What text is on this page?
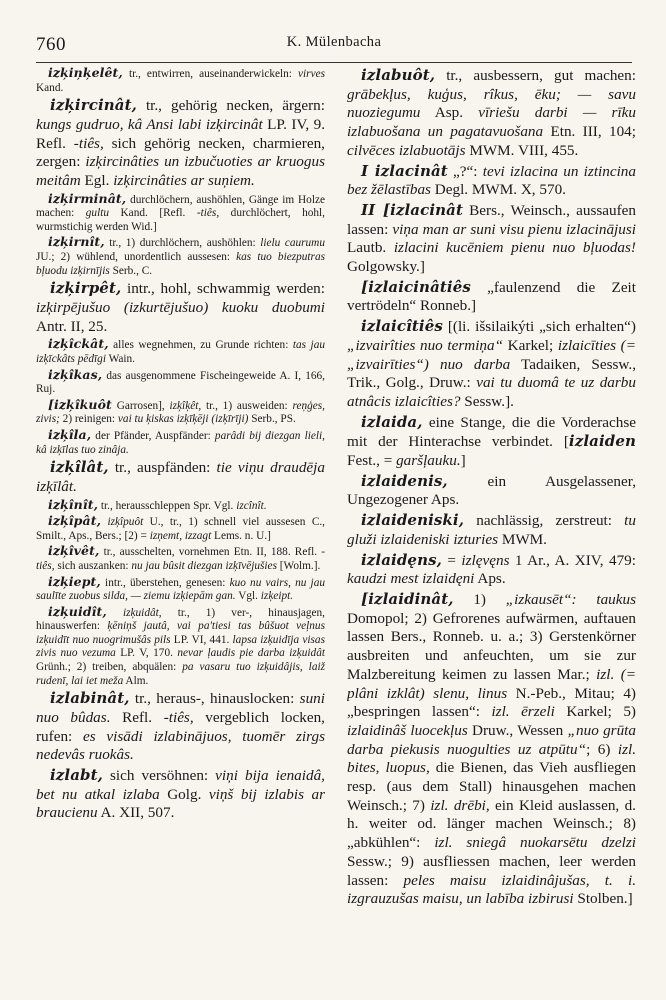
760	K. Mülenbacha

izķiņķelêt, tr., entwirren, auseinanderwickeln: virves Kand.

izķircinât, tr., gehörig necken, ärgern: kungs gudruo, kâ Ansi labi izķircinât LP. IV, 9. Refl. -tiês, sich gehörig necken, charmieren, zergen: izķircinâties un izbučuoties ar kruogus meitâm Egl. izķircinâties ar suņiem.

izķirminât, durchlöchern, aushöhlen, Gänge im Holze machen: gultu Kand. [Refl. -tiês, durchlöchert, hohl, wurmstichig werden Wid.]

izķirnît, tr., 1) durchlöchern, aushöhlen: lielu caurumu JU.; 2) wühlend, unordentlich aussesen: kas tuo biezputras bļuodu izķirnījis Serb., C.

izķirpêt, intr., hohl, schwammig werden: izķirpējušuo (izkurtējušuo) kuoku duobumi Antr. II, 25.

izķîckât, alles wegnehmen, zu Grunde richten: tas jau izķīckâts pēdīgi Wain.

izķîkas, das ausgenommene Fischeingeweide A. I, 166, Ruj.

[izķîkuôt Garrosen], izķîķêt, tr., 1) ausweiden: reņģes, zivis; 2) reinigen: vai tu ķiskas izķīķēji (izķīrīji) Serb., PS.

izķîla, der Pfänder, Auspfänder: parâdi bij diezgan lieli, kâ izķīlas tuo zinâja.

izķîlât, tr., auspfänden: tie viņu draudēja izķīlât.

izķînît, tr., herausschleppen Spr. Vgl. izcînît.

izķîpât, izķîpuôt U., tr., 1) schnell viel aussesen C., Smilt., Aps., Bers.; [2) = izņemt, izzagt Lems. n. U.]

izķîvêt, tr., ausschelten, vornehmen Etn. II, 188. Refl. -tiês, sich auszanken: nu jau bûsit diezgan izķīvējušies [Wolm.].

izķiept, intr., überstehen, genesen: kuo nu vairs, nu jau saulīte zuobus silda, — ziemu izķiepām gan. Vgl. izķeipt.

izķuidît, izķuidât, tr., 1) ver-, hinausjagen, hinauswerfen: ķēniņš jautâ, vai pa'tiesi tas bûšuot veļnus izķuidīt nuo nuogrimušâs pils LP. VI, 441. lapsa izķuidīja visas zivis nuo vezuma LP. V, 170. nevar ļaudis pie darba izķuidât Grünh.; 2) treiben, abquälen: pa vasaru tuo izķuidâjis, laiž rudenī, lai iet meža Alm.

izlabinât, tr., heraus-, hinauslocken: suni nuo bûdas. Refl. -tiês, vergeblich locken, rufen: es visādi izlabinājuos, tuomēr zirgs nedevâs ruokâs.

izlabt, sich versöhnen: viņi bija ienaidâ, bet nu atkal izlaba Golg. viņš bij izlabis ar braucienu A. XII, 507.

izlabuôt, tr., ausbessern, gut machen: grābekļus, kuģus, rîkus, ēku; — savu nuoziegumu Asp. vīriešu darbi — rīku izlabuošana un pagatavuošana Etn. III, 104; cilvēces izlabuotājs MWM. VIII, 455.

I izlacinât „?“: tevi izlacina un iztincina bez žēlastības Degl. MWM. X, 570.

II [izlacinât Bers., Weinsch., aussaufen lassen: viņa man ar suni visu pienu izlacinājusi Lautb. izlacini kucēniem pienu nuo bļuodas! Golgowsky.]

[izlaicinâtiês „faulenzend die Zeit vertrödeln“ Ronneb.]

izlaicîtiês [(li. išsilaikýti „sich erhalten“) „izvairîties nuo termiņa“ Karkel; izlaicīties (= „izvairīties“) nuo darba Tadaiken, Sessw., Trik., Golg., Druw.: vai tu duomâ te uz darbu atnâcis izlaicîties? Sessw.].

izlaida, eine Stange, die die Vorderachse mit der Hinterachse verbindet. [izlaiden Fest., = garšļauku.]

izlaidenis, ein Ausgelassener, Ungezogener Aps.

izlaideniski, nachlässig, zerstreut: tu gluži izlaideniski izturies MWM.

izlaidęns, = izlęvęns 1 Ar., A. XIV, 479: kaudzi mest izlaidęni Aps.

[izlaidinât, 1) „izkausēt“: taukus Domopol; 2) Gefrorenes aufwärmen, auftauen lassen Bers., Ronneb. u. a.; 3) Gerstenkörner ausbreiten und anfeuchten, um sie zur Malzbereitung keimen zu lassen Mar.; izl. (= plâni izklât) slenu, linus N.-Peb., Mitau; 4) „bespringen lassen“: izl. ērzeli Karkel; 5) izlaidinâš luocekļus Druw., Wessen „nuo grūta darba piekusis nuogulties uz atpūtu“; 6) izl. bites, luopus, die Bienen, das Vieh ausfliegen resp. (aus dem Stall) hinausgehen machen Weinsch.; 7) izl. drēbi, ein Kleid auslassen, d. h. weiter od. länger machen Weinsch.; 8) „abkühlen“: izl. sniegâ nuokarsētu dzelzi Sessw.; 9) ausfliessen machen, leer werden lassen: peles maisu izlaidinâjušas, t. i. izgrauzušas maisu, un labība izbirusi Stolben.]
